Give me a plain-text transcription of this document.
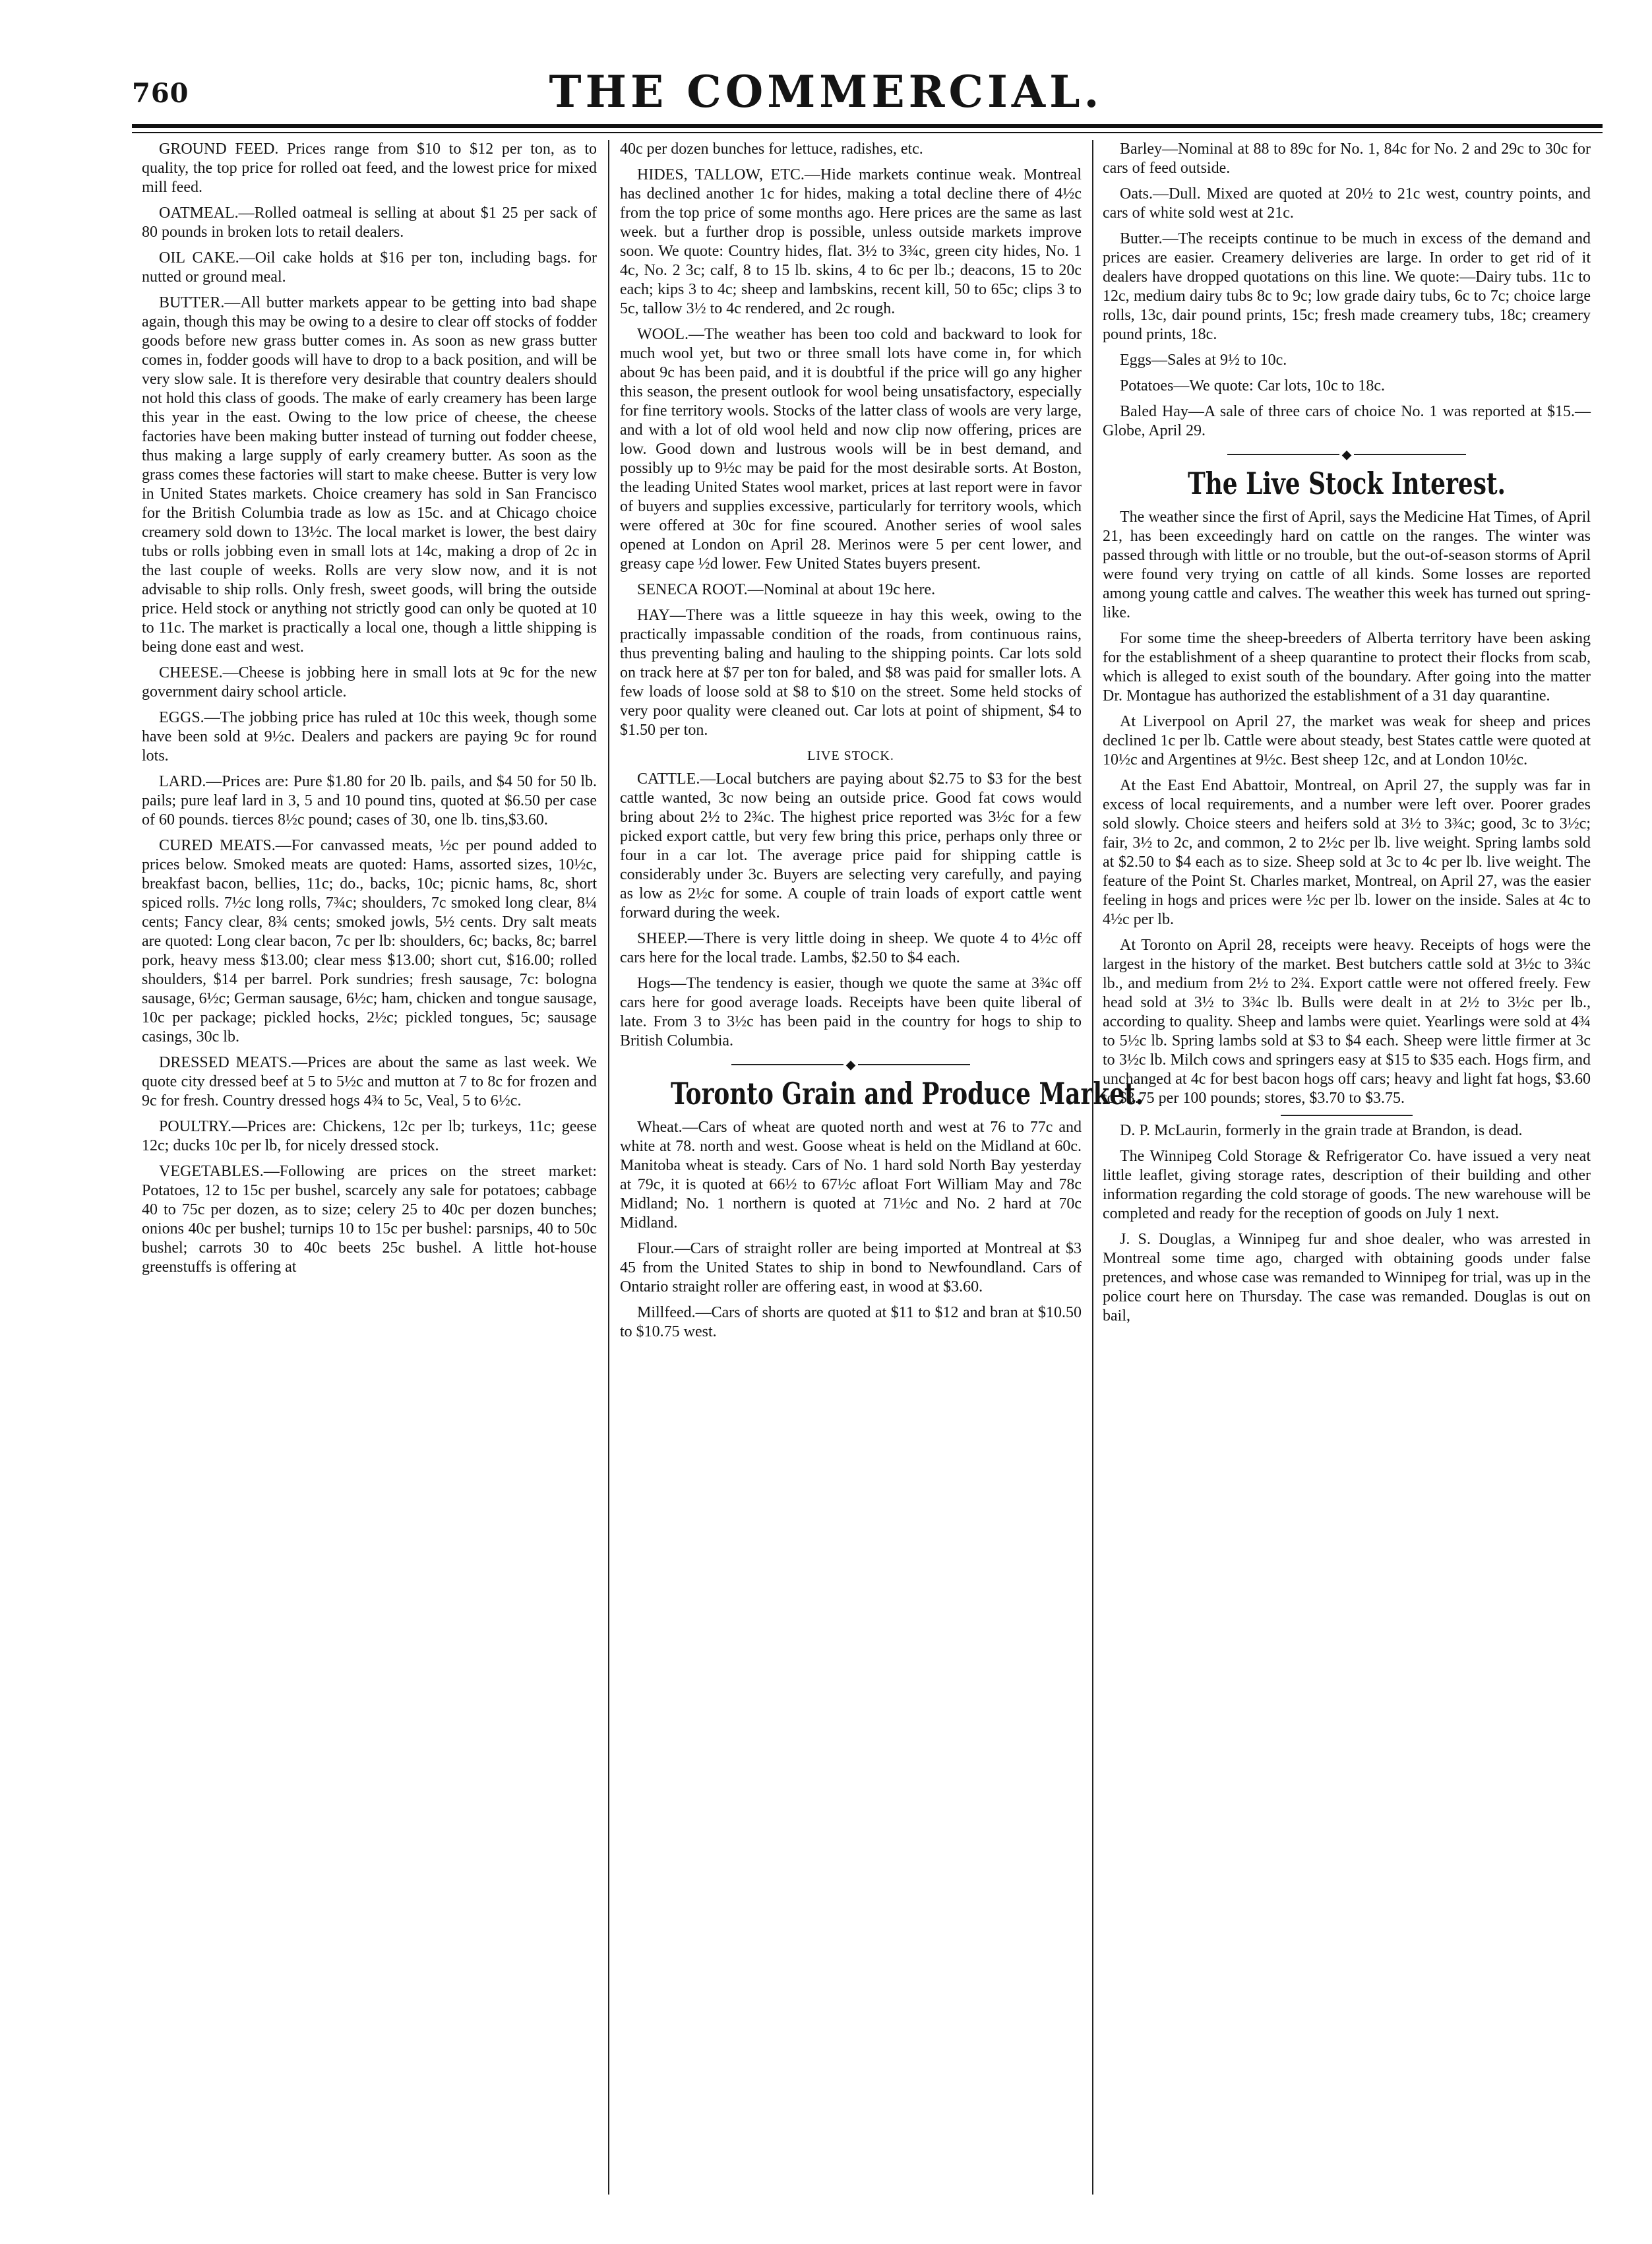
760	THE COMMERCIAL.

GROUND FEED. Prices range from $10 to $12 per ton, as to quality, the top price for rolled oat feed, and the lowest price for mixed mill feed.

OATMEAL.—Rolled oatmeal is selling at about $1 25 per sack of 80 pounds in broken lots to retail dealers.

OIL CAKE.—Oil cake holds at $16 per ton, including bags. for nutted or ground meal.

BUTTER.—All butter markets appear to be getting into bad shape again, though this may be owing to a desire to clear off stocks of fodder goods before new grass butter comes in. As soon as new grass butter comes in, fodder goods will have to drop to a back position, and will be very slow sale. It is therefore very desirable that country dealers should not hold this class of goods. The make of early creamery has been large this year in the east. Owing to the low price of cheese, the cheese factories have been making butter instead of turning out fodder cheese, thus making a large supply of early creamery butter. As soon as the grass comes these factories will start to make cheese. Butter is very low in United States markets. Choice creamery has sold in San Francisco for the British Columbia trade as low as 15c. and at Chicago choice creamery sold down to 13½c. The local market is lower, the best dairy tubs or rolls jobbing even in small lots at 14c, making a drop of 2c in the last couple of weeks. Rolls are very slow now, and it is not advisable to ship rolls. Only fresh, sweet goods, will bring the outside price. Held stock or anything not strictly good can only be quoted at 10 to 11c. The market is practically a local one, though a little shipping is being done east and west.

CHEESE.—Cheese is jobbing here in small lots at 9c for the new government dairy school article.

EGGS.—The jobbing price has ruled at 10c this week, though some have been sold at 9½c. Dealers and packers are paying 9c for round lots.

LARD.—Prices are: Pure $1.80 for 20 lb. pails, and $4 50 for 50 lb. pails; pure leaf lard in 3, 5 and 10 pound tins, quoted at $6.50 per case of 60 pounds. tierces 8½c pound; cases of 30, one lb. tins,$3.60.

CURED MEATS.—For canvassed meats, ½c per pound added to prices below. Smoked meats are quoted: Hams, assorted sizes, 10½c, breakfast bacon, bellies, 11c; do., backs, 10c; picnic hams, 8c, short spiced rolls. 7½c long rolls, 7¾c; shoulders, 7c smoked long clear, 8¼ cents; Fancy clear, 8¾ cents; smoked jowls, 5½ cents. Dry salt meats are quoted: Long clear bacon, 7c per lb: shoulders, 6c; backs, 8c; barrel pork, heavy mess $13.00; clear mess $13.00; short cut, $16.00; rolled shoulders, $14 per barrel. Pork sundries; fresh sausage, 7c: bologna sausage, 6½c; German sausage, 6½c; ham, chicken and tongue sausage, 10c per package; pickled hocks, 2½c; pickled tongues, 5c; sausage casings, 30c lb.

DRESSED MEATS.—Prices are about the same as last week. We quote city dressed beef at 5 to 5½c and mutton at 7 to 8c for frozen and 9c for fresh. Country dressed hogs 4¾ to 5c, Veal, 5 to 6½c.

POULTRY.—Prices are: Chickens, 12c per lb; turkeys, 11c; geese 12c; ducks 10c per lb, for nicely dressed stock.

VEGETABLES.—Following are prices on the street market: Potatoes, 12 to 15c per bushel, scarcely any sale for potatoes; cabbage 40 to 75c per dozen, as to size; celery 25 to 40c per dozen bunches; onions 40c per bushel; turnips 10 to 15c per bushel: parsnips, 40 to 50c bushel; carrots 30 to 40c beets 25c bushel. A little hot-house greenstuffs is offering at

40c per dozen bunches for lettuce, radishes, etc.

HIDES, TALLOW, ETC.—Hide markets continue weak. Montreal has declined another 1c for hides, making a total decline there of 4½c from the top price of some months ago. Here prices are the same as last week. but a further drop is possible, unless outside markets improve soon. We quote: Country hides, flat. 3½ to 3¾c, green city hides, No. 1 4c, No. 2 3c; calf, 8 to 15 lb. skins, 4 to 6c per lb.; deacons, 15 to 20c each; kips 3 to 4c; sheep and lambskins, recent kill, 50 to 65c; clips 3 to 5c, tallow 3½ to 4c rendered, and 2c rough.

WOOL.—The weather has been too cold and backward to look for much wool yet, but two or three small lots have come in, for which about 9c has been paid, and it is doubtful if the price will go any higher this season, the present outlook for wool being unsatisfactory, especially for fine territory wools. Stocks of the latter class of wools are very large, and with a lot of old wool held and now clip now offering, prices are low. Good down and lustrous wools will be in best demand, and possibly up to 9½c may be paid for the most desirable sorts. At Boston, the leading United States wool market, prices at last report were in favor of buyers and supplies excessive, particularly for territory wools, which were offered at 30c for fine scoured. Another series of wool sales opened at London on April 28. Merinos were 5 per cent lower, and greasy cape ½d lower. Few United States buyers present.

SENECA ROOT.—Nominal at about 19c here.

HAY—There was a little squeeze in hay this week, owing to the practically impassable condition of the roads, from continuous rains, thus preventing baling and hauling to the shipping points. Car lots sold on track here at $7 per ton for baled, and $8 was paid for smaller lots. A few loads of loose sold at $8 to $10 on the street. Some held stocks of very poor quality were cleaned out. Car lots at point of shipment, $4 to $1.50 per ton.

LIVE STOCK.

CATTLE.—Local butchers are paying about $2.75 to $3 for the best cattle wanted, 3c now being an outside price. Good fat cows would bring about 2½ to 2¾c. The highest price reported was 3½c for a few picked export cattle, but very few bring this price, perhaps only three or four in a car lot. The average price paid for shipping cattle is considerably under 3c. Buyers are selecting very carefully, and paying as low as 2½c for some. A couple of train loads of export cattle went forward during the week.

SHEEP.—There is very little doing in sheep. We quote 4 to 4½c off cars here for the local trade. Lambs, $2.50 to $4 each.

Hogs—The tendency is easier, though we quote the same at 3¾c off cars here for good average loads. Receipts have been quite liberal of late. From 3 to 3½c has been paid in the country for hogs to ship to British Columbia.

◆
Toronto Grain and Produce Market.

Wheat.—Cars of wheat are quoted north and west at 76 to 77c and white at 78. north and west. Goose wheat is held on the Midland at 60c. Manitoba wheat is steady. Cars of No. 1 hard sold North Bay yesterday at 79c, it is quoted at 66½ to 67½c afloat Fort William May and 78c Midland; No. 1 northern is quoted at 71½c and No. 2 hard at 70c Midland.

Flour.—Cars of straight roller are being imported at Montreal at $3 45 from the United States to ship in bond to Newfoundland. Cars of Ontario straight roller are offering east, in wood at $3.60.

Millfeed.—Cars of shorts are quoted at $11 to $12 and bran at $10.50 to $10.75 west.

Barley—Nominal at 88 to 89c for No. 1, 84c for No. 2 and 29c to 30c for cars of feed outside.

Oats.—Dull. Mixed are quoted at 20½ to 21c west, country points, and cars of white sold west at 21c.

Butter.—The receipts continue to be much in excess of the demand and prices are easier. Creamery deliveries are large. In order to get rid of it dealers have dropped quotations on this line. We quote:—Dairy tubs. 11c to 12c, medium dairy tubs 8c to 9c; low grade dairy tubs, 6c to 7c; choice large rolls, 13c, dair pound prints, 15c; fresh made creamery tubs, 18c; creamery pound prints, 18c.

Eggs—Sales at 9½ to 10c.

Potatoes—We quote: Car lots, 10c to 18c.

Baled Hay—A sale of three cars of choice No. 1 was reported at $15.—Globe, April 29.

◆
The Live Stock Interest.

The weather since the first of April, says the Medicine Hat Times, of April 21, has been exceedingly hard on cattle on the ranges. The winter was passed through with little or no trouble, but the out-of-season storms of April were found very trying on cattle of all kinds. Some losses are reported among young cattle and calves. The weather this week has turned out spring-like.

For some time the sheep-breeders of Alberta territory have been asking for the establishment of a sheep quarantine to protect their flocks from scab, which is alleged to exist south of the boundary. After going into the matter Dr. Montague has authorized the establishment of a 31 day quarantine.

At Liverpool on April 27, the market was weak for sheep and prices declined 1c per lb. Cattle were about steady, best States cattle were quoted at 10½c and Argentines at 9½c. Best sheep 12c, and at London 10½c.

At the East End Abattoir, Montreal, on April 27, the supply was far in excess of local requirements, and a number were left over. Poorer grades sold slowly. Choice steers and heifers sold at 3½ to 3¾c; good, 3c to 3½c; fair, 3½ to 2c, and common, 2 to 2½c per lb. live weight. Spring lambs sold at $2.50 to $4 each as to size. Sheep sold at 3c to 4c per lb. live weight. The feature of the Point St. Charles market, Montreal, on April 27, was the easier feeling in hogs and prices were ½c per lb. lower on the inside. Sales at 4c to 4½c per lb.

At Toronto on April 28, receipts were heavy. Receipts of hogs were the largest in the history of the market. Best butchers cattle sold at 3½c to 3¾c lb., and medium from 2½ to 2¾. Export cattle were not offered freely. Few head sold at 3½ to 3¾c lb. Bulls were dealt in at 2½ to 3½c per lb., according to quality. Sheep and lambs were quiet. Yearlings were sold at 4¾ to 5½c lb. Spring lambs sold at $3 to $4 each. Sheep were little firmer at 3c to 3½c lb. Milch cows and springers easy at $15 to $35 each. Hogs firm, and unchanged at 4c for best bacon hogs off cars; heavy and light fat hogs, $3.60 to $3.75 per 100 pounds; stores, $3.70 to $3.75.

D. P. McLaurin, formerly in the grain trade at Brandon, is dead.

The Winnipeg Cold Storage & Refrigerator Co. have issued a very neat little leaflet, giving storage rates, description of their building and other information regarding the cold storage of goods. The new warehouse will be completed and ready for the reception of goods on July 1 next.

J. S. Douglas, a Winnipeg fur and shoe dealer, who was arrested in Montreal some time ago, charged with obtaining goods under false pretences, and whose case was remanded to Winnipeg for trial, was up in the police court here on Thursday. The case was remanded. Douglas is out on bail,
